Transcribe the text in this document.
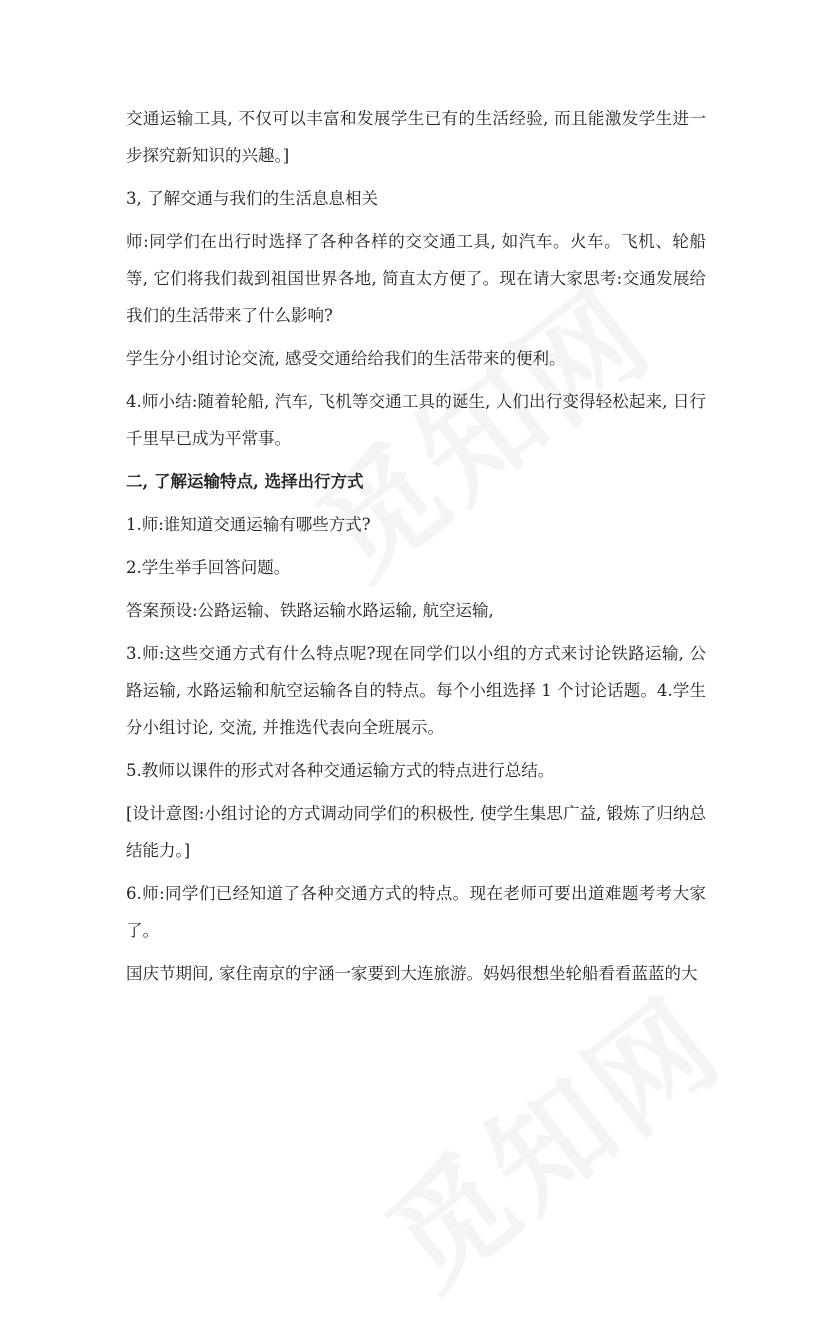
交通运输工具, 不仅可以丰富和发展学生已有的生活经验, 而且能激发学生进一步探究新知识的兴趣。]

3, 了解交通与我们的生活息息相关

师:同学们在出行时选择了各种各样的交交通工具, 如汽车。火车。飞机、轮船等, 它们将我们裁到祖国世界各地, 简直太方便了。现在请大家思考:交通发展给我们的生活带来了什么影响?

学生分小组讨论交流, 感受交通给给我们的生活带来的便利。

4.师小结:随着轮船, 汽车, 飞机等交通工具的诞生, 人们出行变得轻松起来, 日行千里早已成为平常事。

二, 了解运输特点, 选择出行方式

1.师:谁知道交通运输有哪些方式?

2.学生举手回答问题。

答案预设:公路运输、铁路运输水路运输, 航空运输,

3.师:这些交通方式有什么特点呢?现在同学们以小组的方式来讨论铁路运输, 公路运输, 水路运输和航空运输各自的特点。每个小组选择 1 个讨论话题。4.学生分小组讨论, 交流, 并推选代表向全班展示。

5.教师以课件的形式对各种交通运输方式的特点进行总结。

[设计意图:小组讨论的方式调动同学们的积极性, 使学生集思广益, 锻炼了归纳总结能力。]

6.师:同学们已经知道了各种交通方式的特点。现在老师可要出道难题考考大家了。

国庆节期间, 家住南京的宇涵一家要到大连旅游。妈妈很想坐轮船看看蓝蓝的大
